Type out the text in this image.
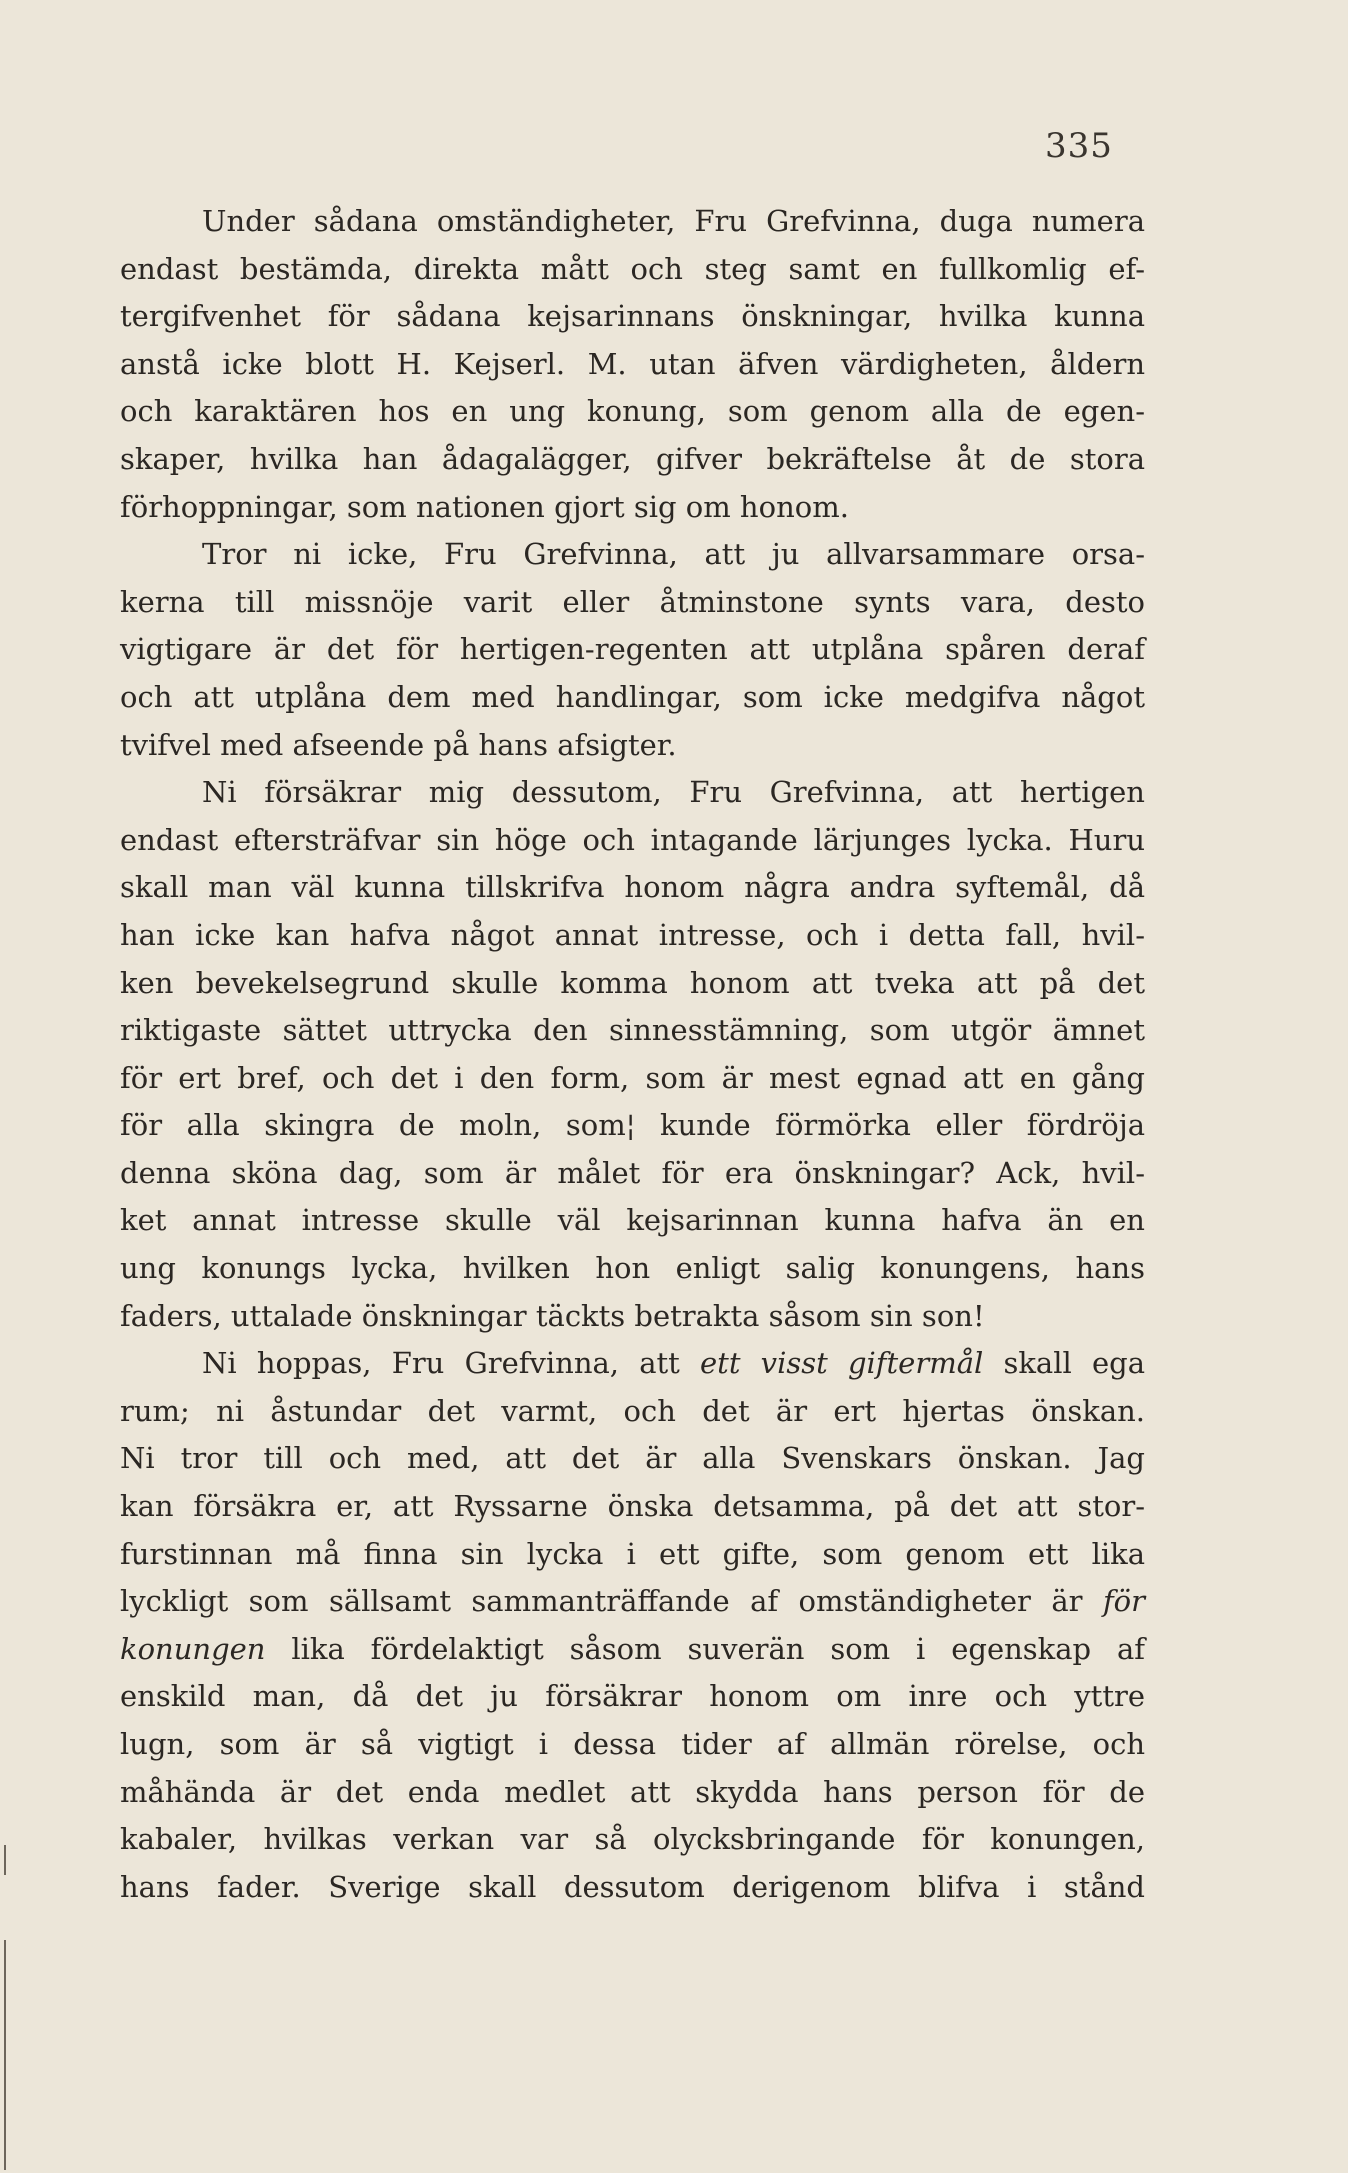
335
Under sådana omständigheter, Fru Grefvinna, duga numera
endast bestämda, direkta mått och steg samt en fullkomlig ef-
tergifvenhet för sådana kejsarinnans önskningar, hvilka kunna
anstå icke blott H. Kejserl. M. utan äfven värdigheten, åldern
och karaktären hos en ung konung, som genom alla de egen-
skaper, hvilka han ådagalägger, gifver bekräftelse åt de stora
förhoppningar, som nationen gjort sig om honom.
Tror ni icke, Fru Grefvinna, att ju allvarsammare orsa-
kerna till missnöje varit eller åtminstone synts vara, desto
vigtigare är det för hertigen-regenten att utplåna spåren deraf
och att utplåna dem med handlingar, som icke medgifva något
tvifvel med afseende på hans afsigter.
Ni försäkrar mig dessutom, Fru Grefvinna, att hertigen
endast eftersträfvar sin höge och intagande lärjunges lycka. Huru
skall man väl kunna tillskrifva honom några andra syftemål, då
han icke kan hafva något annat intresse, och i detta fall, hvil-
ken bevekelsegrund skulle komma honom att tveka att på det
riktigaste sättet uttrycka den sinnesstämning, som utgör ämnet
för ert bref, och det i den form, som är mest egnad att en gång
för alla skingra de moln, som¦ kunde förmörka eller fördröja
denna sköna dag, som är målet för era önskningar? Ack, hvil-
ket annat intresse skulle väl kejsarinnan kunna hafva än en
ung konungs lycka, hvilken hon enligt salig konungens, hans
faders, uttalade önskningar täckts betrakta såsom sin son!
Ni hoppas, Fru Grefvinna, att ett visst giftermål skall ega
rum; ni åstundar det varmt, och det är ert hjertas önskan.
Ni tror till och med, att det är alla Svenskars önskan. Jag
kan försäkra er, att Ryssarne önska detsamma, på det att stor-
furstinnan må finna sin lycka i ett gifte, som genom ett lika
lyckligt som sällsamt sammanträffande af omständigheter är för
konungen lika fördelaktigt såsom suverän som i egenskap af
enskild man, då det ju försäkrar honom om inre och yttre
lugn, som är så vigtigt i dessa tider af allmän rörelse, och
måhända är det enda medlet att skydda hans person för de
kabaler, hvilkas verkan var så olycksbringande för konungen,
hans fader. Sverige skall dessutom derigenom blifva i stånd
